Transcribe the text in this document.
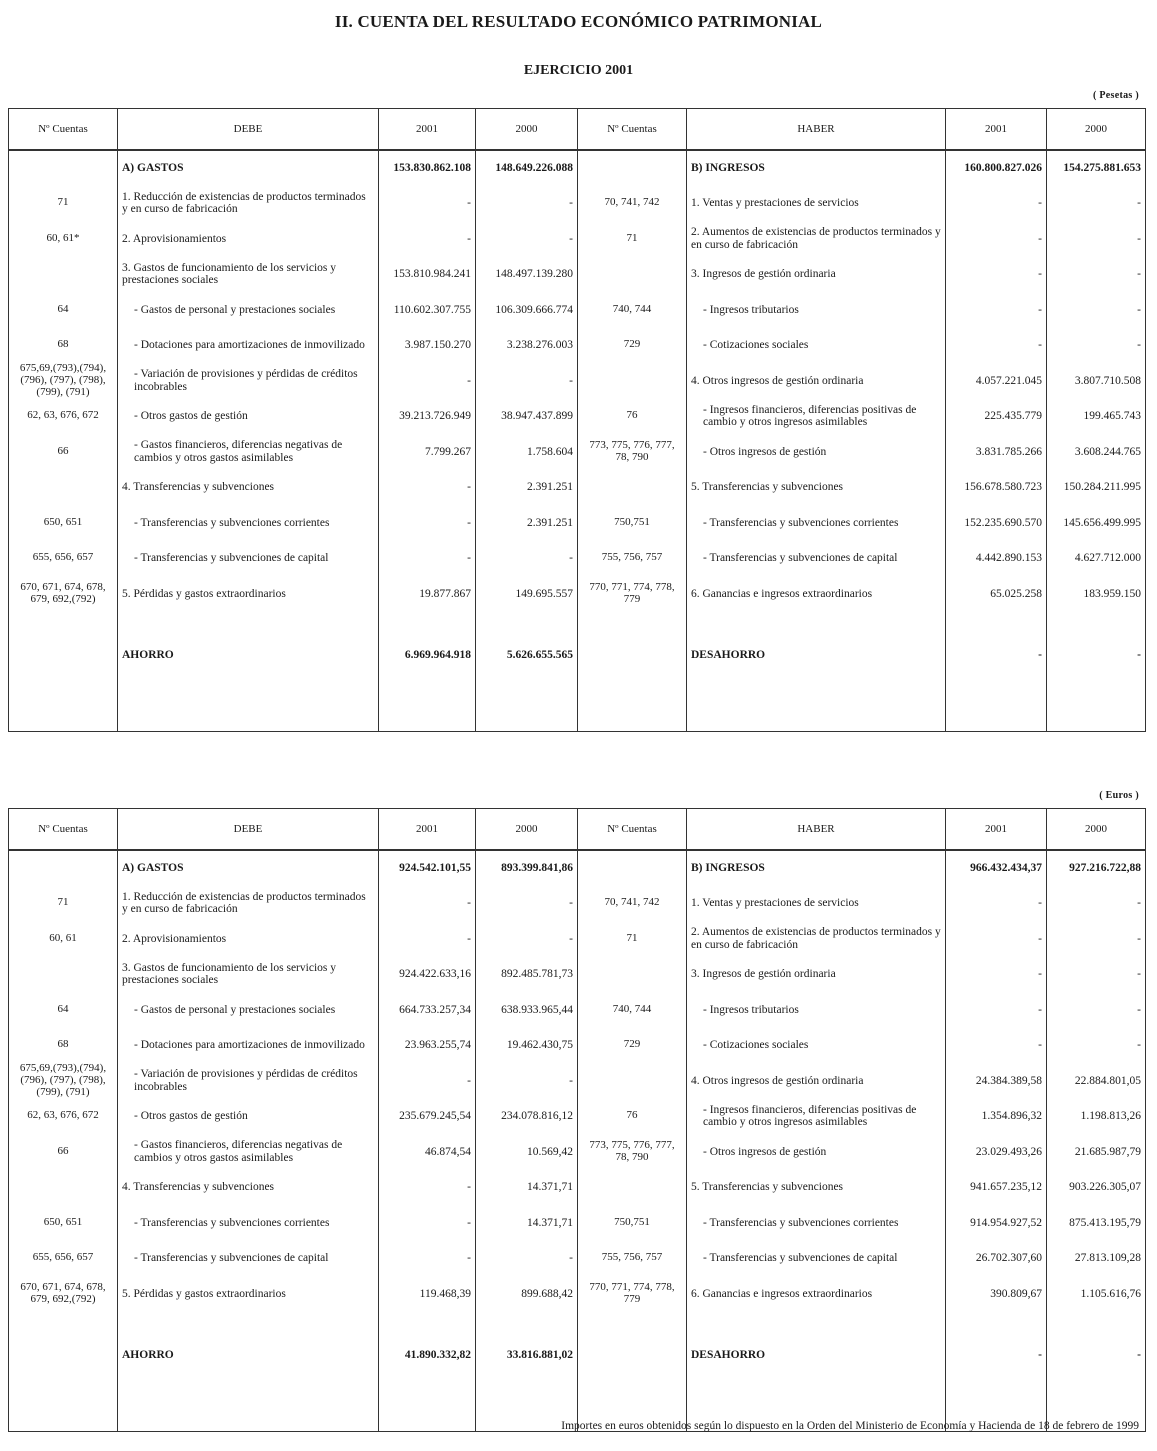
II. CUENTA DEL RESULTADO ECONÓMICO PATRIMONIAL
EJERCICIO 2001
( Pesetas )
Nº Cuentas	DEBE	2001	2000	Nº Cuentas	HABER	2001	2000
	A) GASTOS	153.830.862.108	148.649.226.088		B) INGRESOS	160.800.827.026	154.275.881.653
71	1. Reducción de existencias de productos terminados y en curso de fabricación	-	-	70, 741, 742	1. Ventas y prestaciones de servicios	-	-
60, 61*	2. Aprovisionamientos	-	-	71	2. Aumentos de existencias de productos terminados y en curso de fabricación	-	-
	3. Gastos de funcionamiento de los servicios y prestaciones sociales	153.810.984.241	148.497.139.280		3. Ingresos de gestión ordinaria	-	-
64	- Gastos de personal y prestaciones sociales	110.602.307.755	106.309.666.774	740, 744	- Ingresos tributarios	-	-
68	- Dotaciones para amortizaciones de inmovilizado	3.987.150.270	3.238.276.003	729	- Cotizaciones sociales	-	-
675,69,(793),(794), (796), (797), (798), (799), (791)	- Variación de provisiones y pérdidas de créditos incobrables	-	-		4. Otros ingresos de gestión ordinaria	4.057.221.045	3.807.710.508
62, 63, 676, 672	- Otros gastos de gestión	39.213.726.949	38.947.437.899	76	- Ingresos financieros, diferencias positivas de cambio y otros ingresos asimilables	225.435.779	199.465.743
66	- Gastos financieros, diferencias negativas de cambios y otros gastos asimilables	7.799.267	1.758.604	773, 775, 776, 777, 78, 790	- Otros ingresos de gestión	3.831.785.266	3.608.244.765
	4. Transferencias y subvenciones	-	2.391.251		5. Transferencias y subvenciones	156.678.580.723	150.284.211.995
650, 651	- Transferencias y subvenciones corrientes	-	2.391.251	750,751	- Transferencias y subvenciones corrientes	152.235.690.570	145.656.499.995
655, 656, 657	- Transferencias y subvenciones de capital	-	-	755, 756, 757	- Transferencias y subvenciones de capital	4.442.890.153	4.627.712.000
670, 671, 674, 678, 679, 692,(792)	5. Pérdidas y gastos extraordinarios	19.877.867	149.695.557	770, 771, 774, 778, 779	6. Ganancias e ingresos extraordinarios	65.025.258	183.959.150
	AHORRO	6.969.964.918	5.626.655.565		DESAHORRO	-	-

( Euros )
Nº Cuentas	DEBE	2001	2000	Nº Cuentas	HABER	2001	2000
	A) GASTOS	924.542.101,55	893.399.841,86		B) INGRESOS	966.432.434,37	927.216.722,88
71	1. Reducción de existencias de productos terminados y en curso de fabricación	-	-	70, 741, 742	1. Ventas y prestaciones de servicios	-	-
60, 61	2. Aprovisionamientos	-	-	71	2. Aumentos de existencias de productos terminados y en curso de fabricación	-	-
	3. Gastos de funcionamiento de los servicios y prestaciones sociales	924.422.633,16	892.485.781,73		3. Ingresos de gestión ordinaria	-	-
64	- Gastos de personal y prestaciones sociales	664.733.257,34	638.933.965,44	740, 744	- Ingresos tributarios	-	-
68	- Dotaciones para amortizaciones de inmovilizado	23.963.255,74	19.462.430,75	729	- Cotizaciones sociales	-	-
675,69,(793),(794), (796), (797), (798), (799), (791)	- Variación de provisiones y pérdidas de créditos incobrables	-	-		4. Otros ingresos de gestión ordinaria	24.384.389,58	22.884.801,05
62, 63, 676, 672	- Otros gastos de gestión	235.679.245,54	234.078.816,12	76	- Ingresos financieros, diferencias positivas de cambio y otros ingresos asimilables	1.354.896,32	1.198.813,26
66	- Gastos financieros, diferencias negativas de cambios y otros gastos asimilables	46.874,54	10.569,42	773, 775, 776, 777, 78, 790	- Otros ingresos de gestión	23.029.493,26	21.685.987,79
	4. Transferencias y subvenciones	-	14.371,71		5. Transferencias y subvenciones	941.657.235,12	903.226.305,07
650, 651	- Transferencias y subvenciones corrientes	-	14.371,71	750,751	- Transferencias y subvenciones corrientes	914.954.927,52	875.413.195,79
655, 656, 657	- Transferencias y subvenciones de capital	-	-	755, 756, 757	- Transferencias y subvenciones de capital	26.702.307,60	27.813.109,28
670, 671, 674, 678, 679, 692,(792)	5. Pérdidas y gastos extraordinarios	119.468,39	899.688,42	770, 771, 774, 778, 779	6. Ganancias e ingresos extraordinarios	390.809,67	1.105.616,76
	AHORRO	41.890.332,82	33.816.881,02		DESAHORRO	-	-

Importes en euros obtenidos según lo dispuesto en la Orden del Ministerio de Economía y Hacienda de 18 de febrero de 1999
